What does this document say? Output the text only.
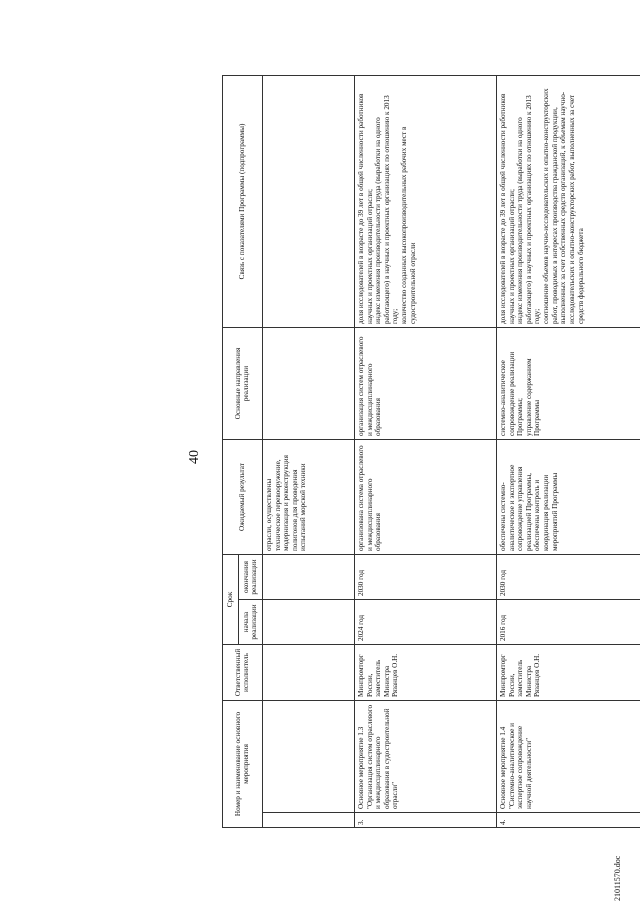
40
Номер и наименование основного мероприятия		Ответственный исполнитель	Срок		Ожидаемый результат	Основные направления реализации	Связь с показателями Программы (подпрограммы)
			начала реализации	окончания реализации			
					отрасли, осуществлены техническое перевооружение, модернизация и реконструкция полигонов для проведения испытаний морской техники		
3.	Основное мероприятие 1.3 "Организация систем отраслевого и междисциплинарного образования в судостроительной отрасли"	Минпромторг России, заместитель Министра Рязанцев О.Н.	2024 год	2030 год	организована система отраслевого и междисциплинарного образования	организация систем отраслевого и междисциплинарного образования	доля исследователей в возрасте до 39 лет в общей численности работников научных и проектных организаций отрасли;
индекс изменения производительности труда (выработки на одного работающего) в научных и проектных организациях по отношению к 2013 году;
количество созданных высокопроизводительных рабочих мест в судостроительной отрасли
4.	Основное мероприятие 1.4 "Системно-аналитическое и экспертное сопровождение научной деятельности"	Минпромторг России, заместитель Министра Рязанцев О.Н.	2016 год	2030 год	обеспечены системно-аналитическое и экспертное сопровождение управления реализацией Программы, обеспечены контроль и координация реализации мероприятий Программы	системно-аналитическое сопровождение реализации Программы;
управление содержанием Программы	доля исследователей в возрасте до 39 лет в общей численности работников научных и проектных организаций отрасли;
индекс изменения производительности труда (выработки на одного работающего) в научных и проектных организациях по отношению к 2013 году;
соотношение объемов научно-исследовательских и опытно-конструкторских работ, проводимых в интересах производства гражданской продукции, выполненных за счет собственных средств организаций, к объемам научно-исследовательских и опытно-конструкторских работ, выполненных за счет средств федерального бюджета
21011570.doc
